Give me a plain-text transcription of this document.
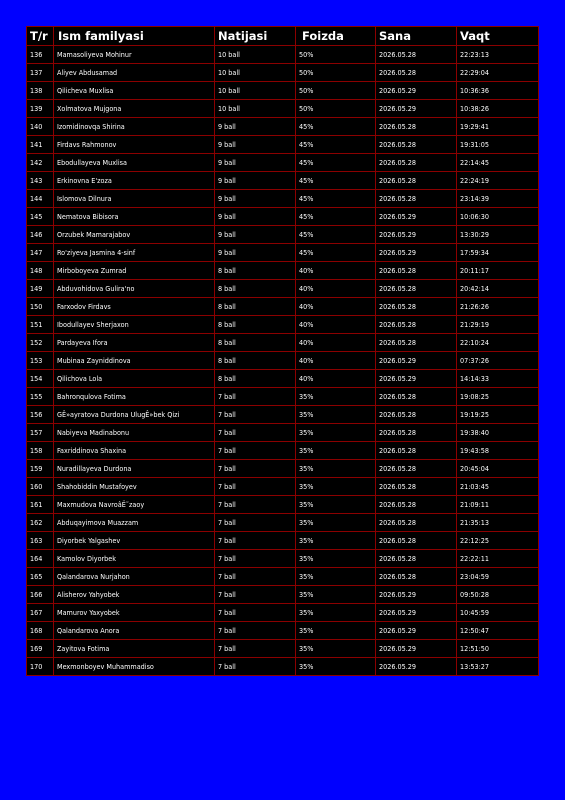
T/r	Ism familyasi	Natijasi	Foizda	Sana	Vaqt
136	Mamasoliyeva Mohinur	10 ball	50%	2026.05.28	22:23:13
137	Aliyev Abdusamad	10 ball	50%	2026.05.28	22:29:04
138	Qilicheva Muxlisa	10 ball	50%	2026.05.29	10:36:36
139	Xolmatova Mujgona	10 ball	50%	2026.05.29	10:38:26
140	Izomidinovqa Shirina	9 ball	45%	2026.05.28	19:29:41
141	Firdavs Rahmonov	9 ball	45%	2026.05.28	19:31:05
142	Ebodullayeva Muxlisa	9 ball	45%	2026.05.28	22:14:45
143	Erkinovna E'zoza	9 ball	45%	2026.05.28	22:24:19
144	Islomova Dilnura	9 ball	45%	2026.05.28	23:14:39
145	Nematova Bibisora	9 ball	45%	2026.05.29	10:06:30
146	Orzubek Mamarajabov	9 ball	45%	2026.05.29	13:30:29
147	Ro'ziyeva Jasmina 4-sinf	9 ball	45%	2026.05.29	17:59:34
148	Mirboboyeva Zumrad	8 ball	40%	2026.05.28	20:11:17
149	Abduvohidova Gulira'no	8 ball	40%	2026.05.28	20:42:14
150	Farxodov Firdavs	8 ball	40%	2026.05.28	21:26:26
151	Ibodullayev Sherjaxon	8 ball	40%	2026.05.28	21:29:19
152	Pardayeva Ifora	8 ball	40%	2026.05.28	22:10:24
153	Mubinaa Zayniddinova	8 ball	40%	2026.05.29	07:37:26
154	Qilichova Lola	8 ball	40%	2026.05.29	14:14:33
155	Bahronqulova Fotima	7 ball	35%	2026.05.28	19:08:25
156	GÊ»ayratova Durdona UlugÊ»bek Qizi	7 ball	35%	2026.05.28	19:19:25
157	Nabiyeva Madinabonu	7 ball	35%	2026.05.28	19:38:40
158	Faxriddinova Shaxina	7 ball	35%	2026.05.28	19:43:58
159	Nuradillayeva Durdona	7 ball	35%	2026.05.28	20:45:04
160	Shahobiddin Mustafoyev	7 ball	35%	2026.05.28	21:03:45
161	Maxmudova NavroâË˜zaoy	7 ball	35%	2026.05.28	21:09:11
162	Abduqayimova Muazzam	7 ball	35%	2026.05.28	21:35:13
163	Diyorbek Yalgashev	7 ball	35%	2026.05.28	22:12:25
164	Kamolov Diyorbek	7 ball	35%	2026.05.28	22:22:11
165	Qalandarova Nurjahon	7 ball	35%	2026.05.28	23:04:59
166	Alisherov Yahyobek	7 ball	35%	2026.05.29	09:50:28
167	Mamurov Yaxyobek	7 ball	35%	2026.05.29	10:45:59
168	Qalandarova Anora	7 ball	35%	2026.05.29	12:50:47
169	Zayitova Fotima	7 ball	35%	2026.05.29	12:51:50
170	Mexmonboyev Muhammadiso	7 ball	35%	2026.05.29	13:53:27
